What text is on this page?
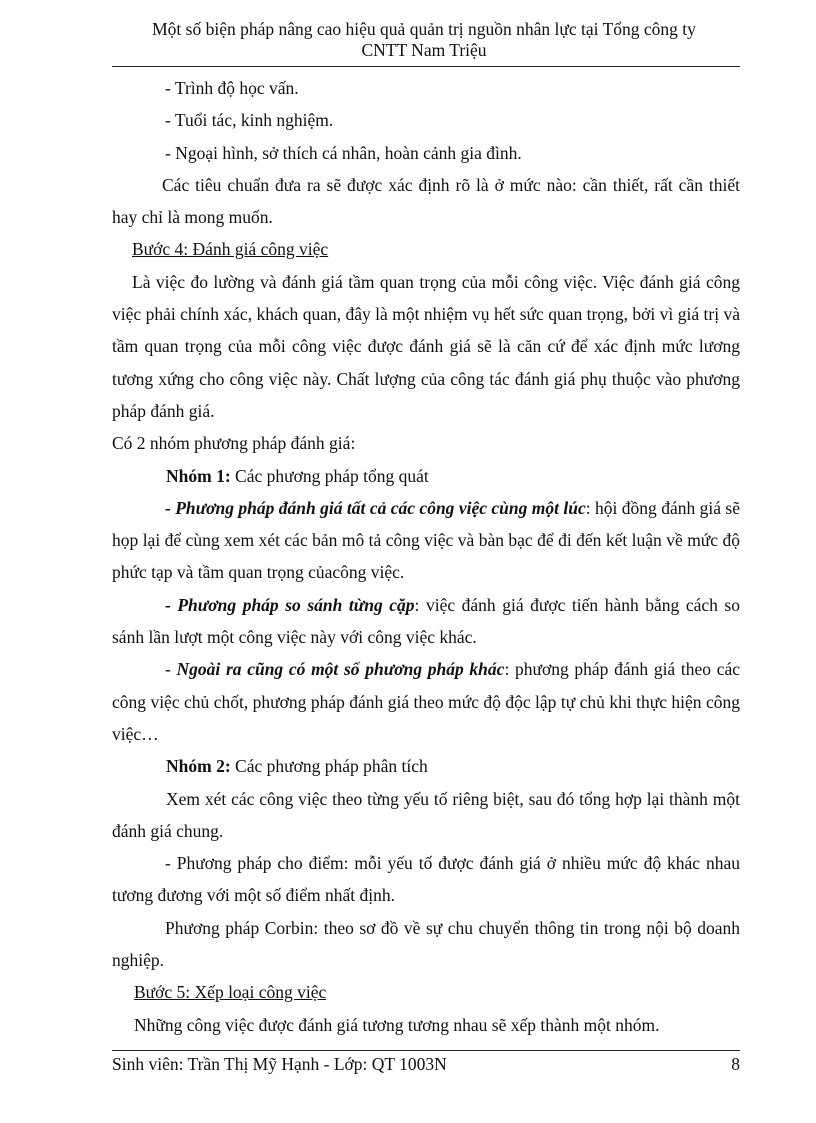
Một số biện pháp nâng cao hiệu quả quản trị nguồn nhân lực tại Tổng công ty
CNTT Nam Triệu

- Trình độ học vấn.

- Tuổi tác, kinh nghiệm.

- Ngoại hình, sở thích cá nhân, hoàn cảnh gia đình.

Các tiêu chuẩn đưa ra sẽ được xác định rõ là ở mức nào: cần thiết, rất cần thiết hay chỉ là mong muốn.

Bước 4: Đánh giá công việc

Là việc đo lường và đánh giá tầm quan trọng của mỗi công việc. Việc đánh giá công việc phải chính xác, khách quan, đây là một nhiệm vụ hết sức quan trọng, bởi vì giá trị và tầm quan trọng của mỗi công việc được đánh giá sẽ là căn cứ để xác định mức lương tương xứng cho công việc này. Chất lượng của công tác đánh giá phụ thuộc vào phương pháp đánh giá.

Có 2 nhóm phương pháp đánh giá:

Nhóm 1: Các phương pháp tổng quát

- Phương pháp đánh giá tất cả các công việc cùng một lúc: hội đồng đánh giá sẽ họp lại để cùng xem xét các bản mô tả công việc và bàn bạc để đi đến kết luận về mức độ phức tạp và tầm quan trọng củacông việc.

- Phương pháp so sánh từng cặp: việc đánh giá được tiến hành bằng cách so sánh lần lượt một công việc này với công việc khác.

- Ngoài ra cũng có một số phương pháp khác: phương pháp đánh giá theo các công việc chủ chốt, phương pháp đánh giá theo mức độ độc lập tự chủ khi thực hiện công việc…

Nhóm 2: Các phương pháp phân tích

Xem xét các công việc theo từng yếu tố riêng biệt, sau đó tổng hợp lại thành một đánh giá chung.

- Phương pháp cho điểm: mỗi yếu tố được đánh giá ở nhiều mức độ khác nhau tương đương với một số điểm nhất định.

Phương pháp Corbin: theo sơ đồ về sự chu chuyển thông tin trong nội bộ doanh nghiệp.

Bước 5: Xếp loại công việc

Những công việc được đánh giá tương tương nhau sẽ xếp thành một nhóm.

Sinh viên: Trần Thị Mỹ Hạnh - Lớp: QT 1003N	8
